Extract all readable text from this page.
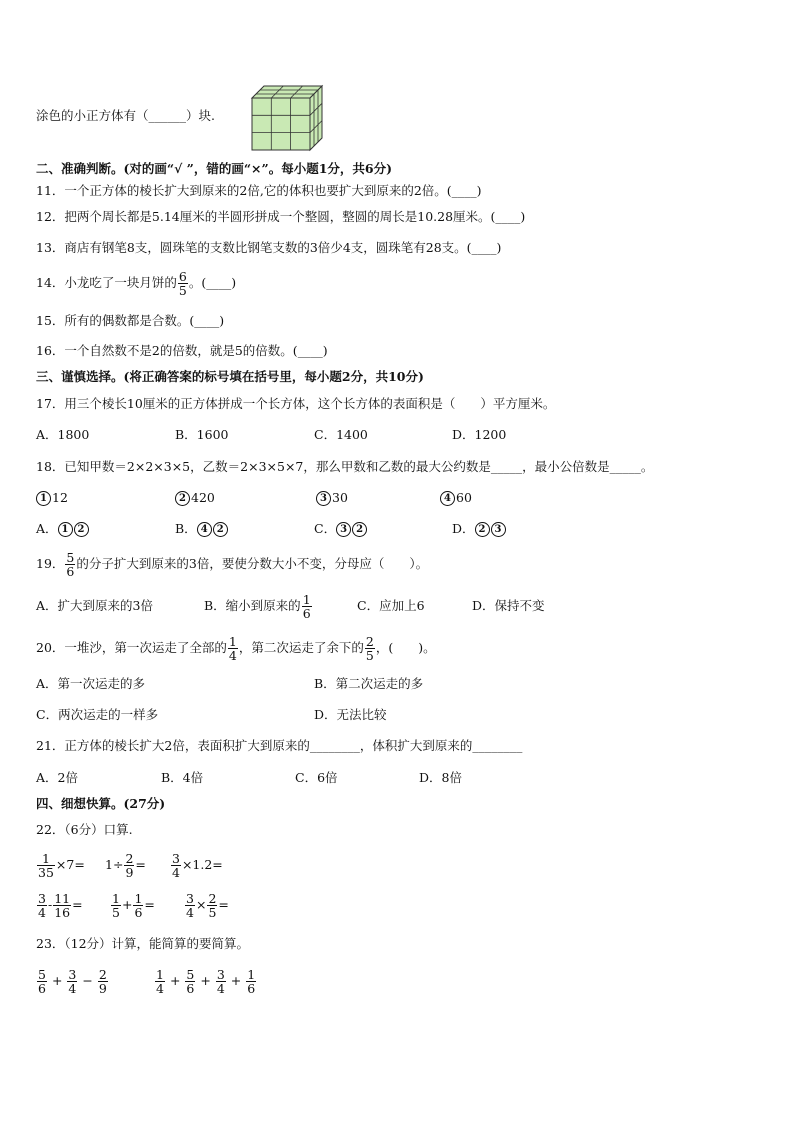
涂色的小正方体有（______）块.
二、准确判断。(对的画“√ ”，错的画“×”。每小题1分，共6分)
11．一个正方体的棱长扩大到原来的2倍,它的体积也要扩大到原来的2倍。(____)
12．把两个周长都是5.14厘米的半圆形拼成一个整圆，整圆的周长是10.28厘米。(____)
13．商店有钢笔8支，圆珠笔的支数比钢笔支数的3倍少4支，圆珠笔有28支。(____)
14．小龙吃了一块月饼的 $\frac{6}{5}$ 。(____)
15．所有的偶数都是合数。(____)
16．一个自然数不是2的倍数，就是5的倍数。(____)
三、谨慎选择。(将正确答案的标号填在括号里，每小题2分，共10分)
17．用三个棱长10厘米的正方体拼成一个长方体，这个长方体的表面积是（　　）平方厘米。
A．1800	B．1600	C．1400	D．1200
18．已知甲数＝2×2×3×5，乙数＝2×3×5×7，那么甲数和乙数的最大公约数是_____，最小公倍数是_____。
1 12	2 420	3 30	4 60
A． 1 2	B． 4 2	C． 3 2	D． 2 3
19． $\frac{5}{6}$ 的分子扩大到原来的3倍，要使分数大小不变，分母应（　　）。
A．扩大到原来的3倍	B．缩小到原来的 $\frac{1}{6}$	C．应加上6	D．保持不变
20．一堆沙，第一次运走了全部的 $\frac{1}{4}$ ，第二次运走了余下的 $\frac{2}{5}$ ，(　　)。
A．第一次运走的多	B．第二次运走的多
C．两次运走的一样多	D．无法比较
21．正方体的棱长扩大2倍，表面积扩大到原来的________，体积扩大到原来的________
A．2倍	B．4倍	C．6倍	D．8倍
四、细想快算。(27分)
22．（6分）口算.
$\frac{1}{35} \times 7= 1\div \frac{2}{9} = \frac{3}{4} \times 1.2=$
$\frac{3}{4} - \frac{11}{16} = \frac{1}{5} + \frac{1}{6} = \frac{3}{4} \times \frac{2}{5}$ =
23．（12分）计算，能简算的要简算。
$\frac{5}{6} + \frac{3}{4} - \frac{2}{9}$	$\frac{1}{4} + \frac{5}{6} + \frac{3}{4} + \frac{1}{6}$
